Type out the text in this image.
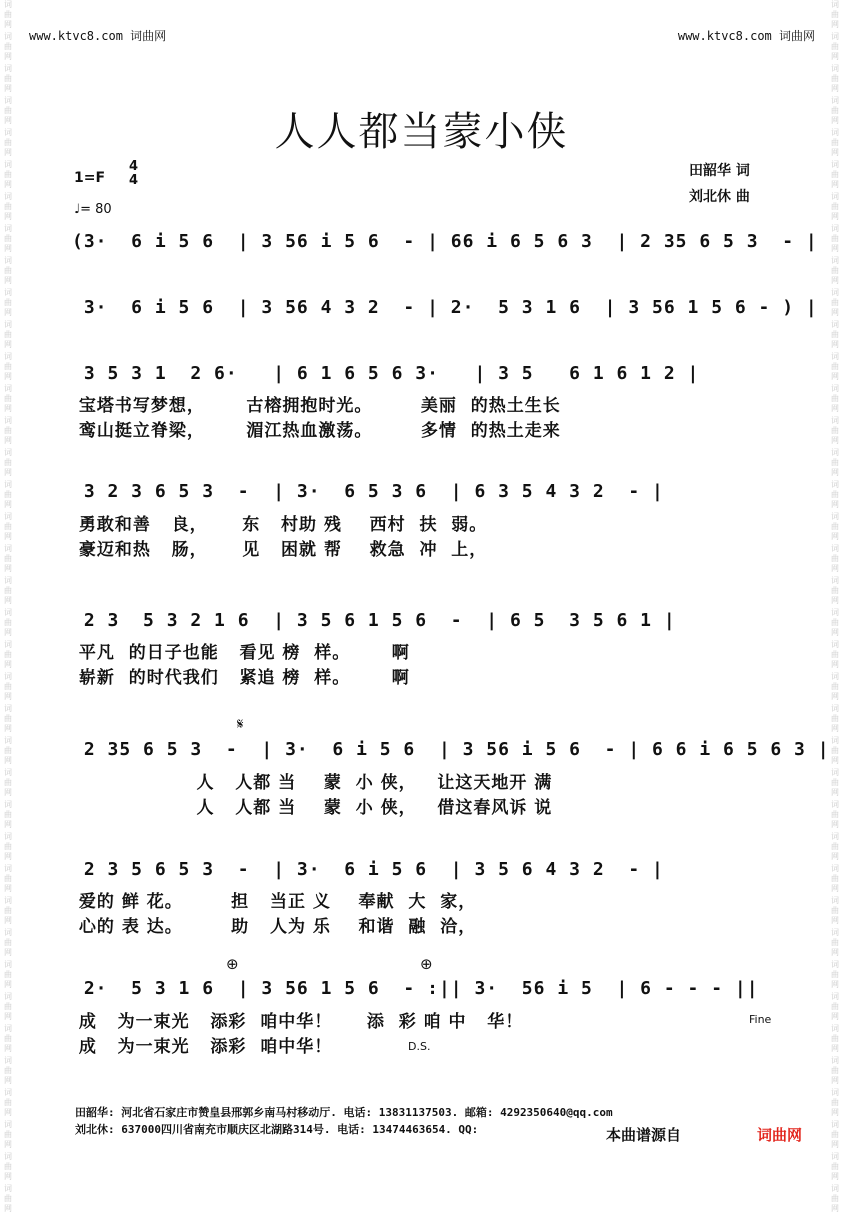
词
曲
网
词
曲
网
词
曲
网
词
曲
网
词
曲
网
词
曲
网
词
曲
网
词
曲
网
词
曲
网
词
曲
网
词
曲
网
词
曲
网
词
曲
网
词
曲
网
词
曲
网
词
曲
网
词
曲
网
词
曲
网
词
曲
网
词
曲
网
词
曲
网
词
曲
网
词
曲
网
词
曲
网
词
曲
网
词
曲
网
词
曲
网
词
曲
网
词
曲
网
词
曲
网
词
曲
网
词
曲
网
词
曲
网
词
曲
网
词
曲
网
词
曲
网
词
曲
网
词
曲
网
词
曲
网
词
曲
网
词
曲
网
词
曲
网
词
曲
网
词
曲
网
词
曲
网
词
曲
网
词
曲
网
词
曲
网
词
曲
网
词
曲
网
词
曲
网
词
曲
网
词
曲
网
词
曲
网
词
曲
网
词
曲
网
词
曲
网
词
曲
网
词
曲
网
词
曲
网
词
曲
网
词
曲
网
词
曲
网
词
曲
网
词
曲
网
词
曲
网
词
曲
网
词
曲
网
词
曲
网
词
曲
网
词
曲
网
词
曲
网
词
曲
网
词
曲
网
词
曲
网
词
曲
网
www.ktvc8.com 词曲网	www.ktvc8.com 词曲网
人人都当蒙小侠
1=F
4
4
♩= 80
田韶华 词
刘北休 曲
(3·  6 i 5 6  | 3 56 i 5 6  - | 66 i 6 5 6 3  | 2 35 6 5 3  - |
3·  6 i 5 6  | 3 56 4 3 2  - | 2·  5 3 1 6  | 3 56 1 5 6 - ) |
3 5 3 1  2 6·   | 6 1 6 5 6 3·   | 3 5   6 1 6 1 2 |
宝塔书写梦想，      古榕拥抱时光。       美丽  的热土生长
鸾山挺立脊梁，      湄江热血激荡。       多情  的热土走来
3 2 3 6 5 3  -  | 3·  6 5 3 6  | 6 3 5 4 3 2  - |
勇敢和善   良，     东   村助 残    西村  扶  弱。
豪迈和热   肠，     见   困就 帮    救急  冲  上，
2 3  5 3 2 1 6  | 3 5 6 1 5 6  -  | 6 5  3 5 6 1 |
平凡  的日子也能   看见 榜  样。      啊
崭新  的时代我们   紧追 榜  样。      啊
𝄋
2 35 6 5 3  -  | 3·  6 i 5 6  | 3 56 i 5 6  - | 6 6 i 6 5 6 3 |
人   人都 当    蒙  小 侠，   让这天地开 满
人   人都 当    蒙  小 侠，   借这春风诉 说
2 3 5 6 5 3  -  | 3·  6 i 5 6  | 3 5 6 4 3 2  - |
爱的 鲜 花。       担   当正 义    奉献  大  家，
心的 表 达。       助   人为 乐    和谐  融  洽，
⊕	⊕
2·  5 3 1 6  | 3 56 1 5 6  - :|| 3·  56 i 5  | 6 - - - ||
成   为一束光   添彩  咱中华！     添  彩 咱 中   华！
成   为一束光   添彩  咱中华！
Fine
D.S.
田韶华: 河北省石家庄市赞皇县邢郭乡南马村移动厅. 电话: 13831137503. 邮箱: 4292350640@qq.com
刘北休: 637000四川省南充市顺庆区北湖路314号. 电话: 13474463654. QQ:	本曲谱源自	词曲网
